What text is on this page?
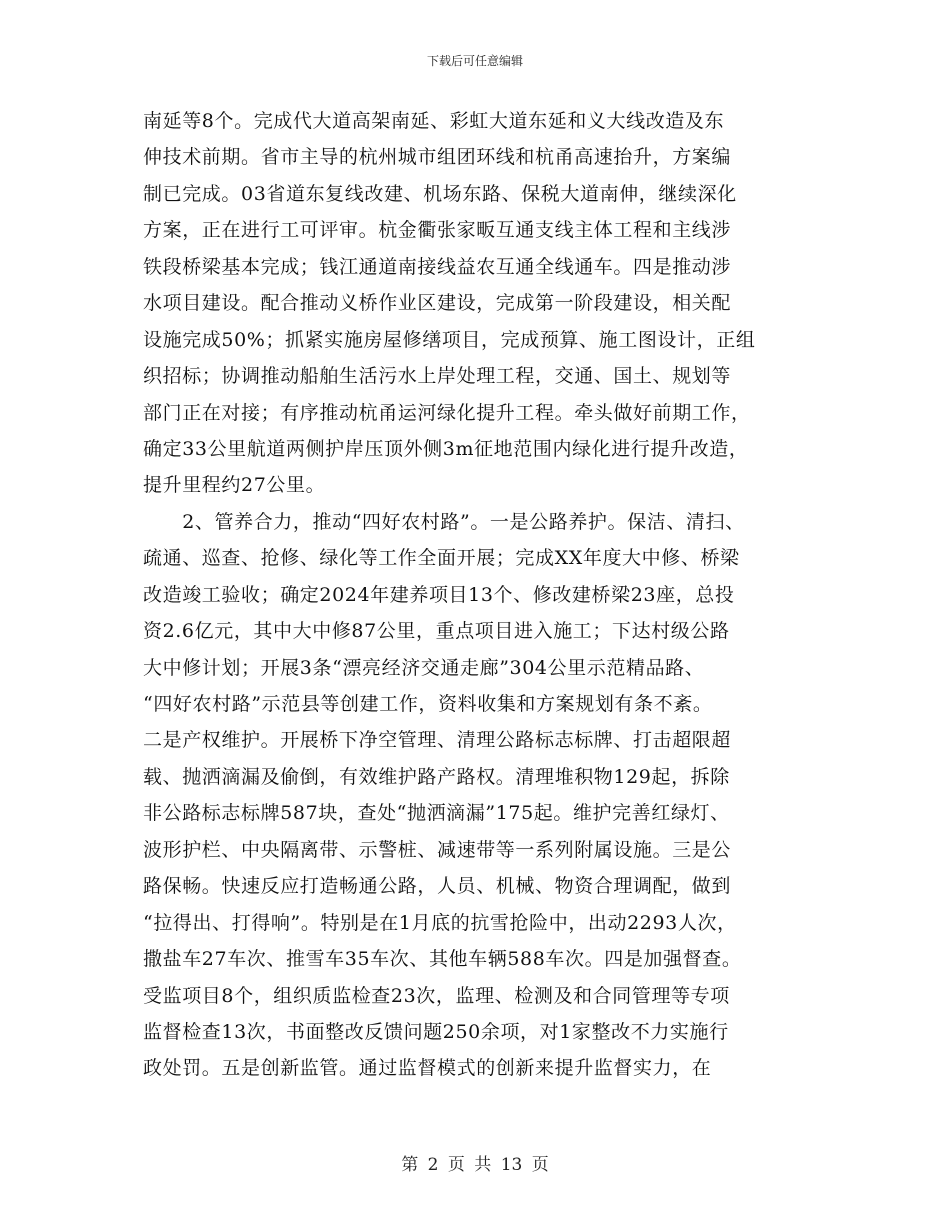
下载后可任意编辑
南延等8个。完成代大道高架南延、彩虹大道东延和义大线改造及东
伸技术前期。省市主导的杭州城市组团环线和杭甬高速抬升，方案编
制已完成。03省道东复线改建、机场东路、保税大道南伸，继续深化
方案，正在进行工可评审。杭金衢张家畈互通支线主体工程和主线涉
铁段桥梁基本完成；钱江通道南接线益农互通全线通车。四是推动涉
水项目建设。配合推动义桥作业区建设，完成第一阶段建设，相关配
设施完成50%；抓紧实施房屋修缮项目，完成预算、施工图设计，正组
织招标；协调推动船舶生活污水上岸处理工程，交通、国土、规划等
部门正在对接；有序推动杭甬运河绿化提升工程。牵头做好前期工作，
确定33公里航道两侧护岸压顶外侧3m征地范围内绿化进行提升改造，
提升里程约27公里。
　　2、管养合力，推动“四好农村路”。一是公路养护。保洁、清扫、
疏通、巡查、抢修、绿化等工作全面开展；完成XX年度大中修、桥梁
改造竣工验收；确定2024年建养项目13个、修改建桥梁23座，总投
资2.6亿元，其中大中修87公里，重点项目进入施工；下达村级公路
大中修计划；开展3条“漂亮经济交通走廊”304公里示范精品路、
“四好农村路”示范县等创建工作，资料收集和方案规划有条不紊。
二是产权维护。开展桥下净空管理、清理公路标志标牌、打击超限超
载、抛洒滴漏及偷倒，有效维护路产路权。清理堆积物129起，拆除
非公路标志标牌587块，查处“抛洒滴漏”175起。维护完善红绿灯、
波形护栏、中央隔离带、示警桩、减速带等一系列附属设施。三是公
路保畅。快速反应打造畅通公路，人员、机械、物资合理调配，做到
“拉得出、打得响”。特别是在1月底的抗雪抢险中，出动2293人次，
撒盐车27车次、推雪车35车次、其他车辆588车次。四是加强督查。
受监项目8个，组织质监检查23次，监理、检测及和合同管理等专项
监督检查13次，书面整改反馈问题250余项，对1家整改不力实施行
政处罚。五是创新监管。通过监督模式的创新来提升监督实力，在
第 2 页 共 13 页
